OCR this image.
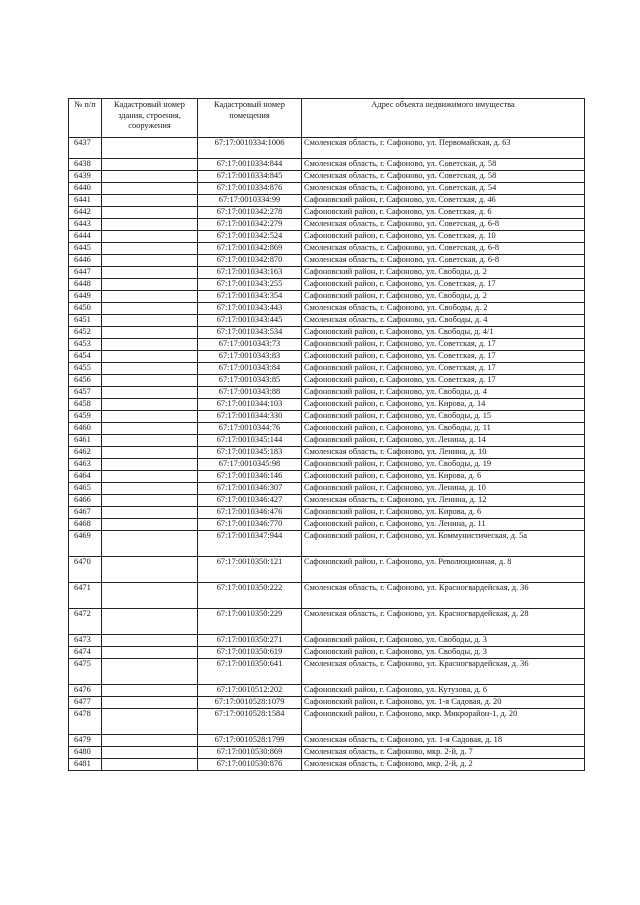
№ п/п	Кадастровый номер здания, строения, сооружения	Кадастровый номер помещения	Адрес объекта недвижимого имущества
6437		67:17:0010334:1006	Смоленская область, г. Сафоново, ул. Первомайская, д. 63
6438		67:17:0010334:844	Смоленская область, г. Сафоново, ул. Советская, д. 58
6439		67:17:0010334:845	Смоленская область, г. Сафоново, ул. Советская, д. 58
6440		67:17:0010334:876	Смоленская область, г. Сафоново, ул. Советская, д. 54
6441		67:17:0010334:99	Сафоновский район, г. Сафоново, ул. Советская, д. 46
6442		67:17:0010342:278	Сафоновский район, г. Сафоново, ул. Советская, д. 6
6443		67:17:0010342:279	Смоленская область, г. Сафоново, ул. Советская, д. 6-8
6444		67:17:0010342:524	Сафоновский район, г. Сафоново, ул. Советская, д. 10
6445		67:17:0010342:869	Смоленская область, г. Сафоново, ул. Советская, д. 6-8
6446		67:17:0010342:870	Смоленская область, г. Сафоново, ул. Советская, д. 6-8
6447		67:17:0010343:163	Сафоновский район, г. Сафоново, ул. Свободы, д. 2
6448		67:17:0010343:255	Сафоновский район, г. Сафоново, ул. Советская, д. 17
6449		67:17:0010343:354	Сафоновский район, г. Сафоново, ул. Свободы, д. 2
6450		67:17:0010343:443	Смоленская область, г. Сафоново, ул. Свободы, д. 2
6451		67:17:0010343:445	Смоленская область, г. Сафоново, ул. Свободы, д. 4
6452		67:17:0010343:534	Сафоновский район, г. Сафоново, ул. Свободы, д. 4/1
6453		67:17:0010343:73	Сафоновский район, г. Сафоново, ул. Советская, д. 17
6454		67:17:0010343:83	Сафоновский район, г. Сафоново, ул. Советская, д. 17
6455		67:17:0010343:84	Сафоновский район, г. Сафоново, ул. Советская, д. 17
6456		67:17:0010343:85	Сафоновский район, г. Сафоново, ул. Советская, д. 17
6457		67:17:0010343:88	Сафоновский район, г. Сафоново, ул. Свободы, д. 4
6458		67:17:0010344:103	Сафоновский район, г. Сафоново, ул. Кирова, д. 14
6459		67:17:0010344:330	Сафоновский район, г. Сафоново, ул. Свободы, д. 15
6460		67:17:0010344:76	Сафоновский район, г. Сафоново, ул. Свободы, д. 11
6461		67:17:0010345:144	Сафоновский район, г. Сафоново, ул. Ленина, д. 14
6462		67:17:0010345:183	Смоленская область, г. Сафоново, ул. Ленина, д. 10
6463		67:17:0010345:98	Сафоновский район, г. Сафоново, ул. Свободы, д. 19
6464		67:17:0010346:146	Сафоновский район, г. Сафоново, ул. Кирова, д. 6
6465		67:17:0010346:307	Сафоновский район, г. Сафоново, ул. Ленина, д. 10
6466		67:17:0010346:427	Смоленская область, г. Сафоново, ул. Ленина, д. 12
6467		67:17:0010346:476	Сафоновский район, г. Сафоново, ул. Кирова, д. 6
6468		67:17:0010346:770	Сафоновский район, г. Сафоново, ул. Ленина, д. 11
6469		67:17:0010347:944	Сафоновский район, г. Сафоново, ул. Коммунистическая, д. 5а
6470		67:17:0010350:121	Сафоновский район, г. Сафоново, ул. Революционная, д. 8
6471		67:17:0010350:222	Смоленская область, г. Сафоново, ул. Красногвардейская, д. 36
6472		67:17:0010350:229	Смоленская область, г. Сафоново, ул. Красногвардейская, д. 28
6473		67:17:0010350:271	Сафоновский район, г. Сафоново, ул. Свободы, д. 3
6474		67:17:0010350:619	Сафоновский район, г. Сафоново, ул. Свободы, д. 3
6475		67:17:0010350:641	Смоленская область, г. Сафоново, ул. Красногвардейская, д. 36
6476		67:17:0010512:202	Сафоновский район, г. Сафоново, ул. Кутузова, д. 6
6477		67:17:0010528:1079	Сафоновский район, г. Сафоново, ул. 1-я Садовая, д. 20
6478		67:17:0010528:1584	Сафоновский район, г. Сафоново, мкр. Микрорайон-1, д. 20
6479		67:17:0010528:1799	Смоленская область, г. Сафоново, ул. 1-я Садовая, д. 18
6480		67:17:0010530:869	Смоленская область, г. Сафоново, мкр. 2-й, д. 7
6481		67:17:0010530:876	Смоленская область, г. Сафоново, мкр. 2-й, д. 2
